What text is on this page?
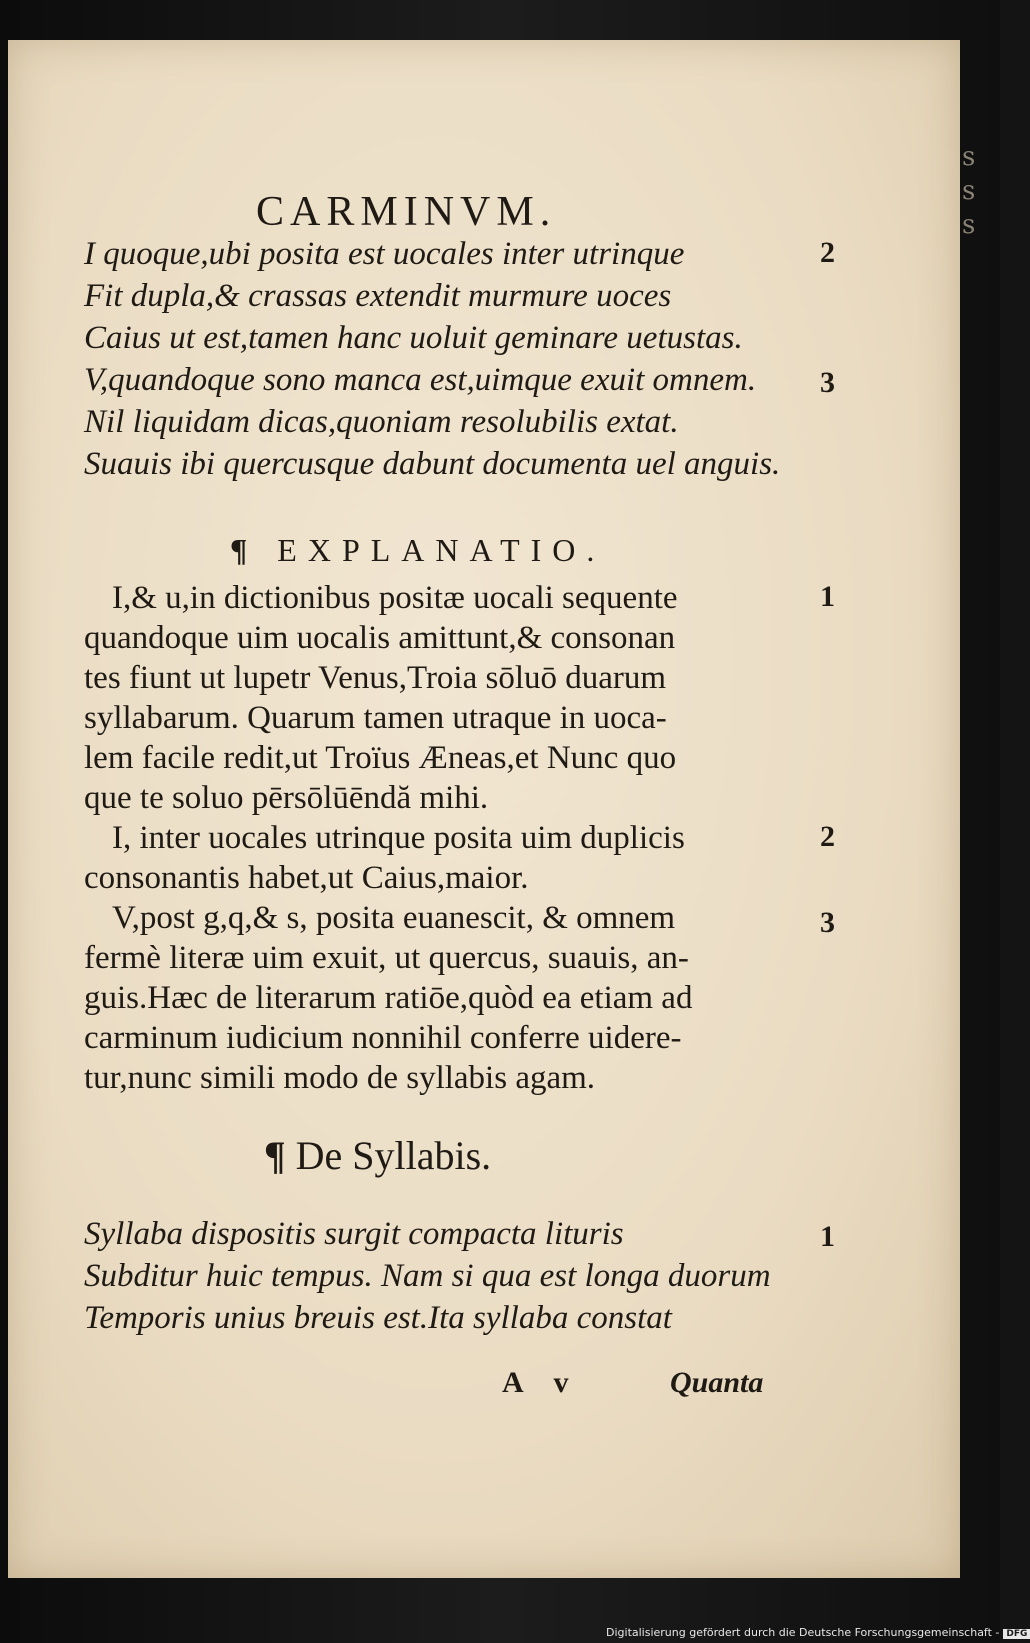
s
s
s
CARMINVM.
I quoque,ubi posita est uocales inter utrinque
Fit dupla,& crassas extendit murmure uoces
Caius ut est,tamen hanc uoluit geminare uetustas.
V,quandoque sono manca est,uimque exuit omnem.
Nil liquidam dicas,quoniam resolubilis extat.
Suauis ibi quercusque dabunt documenta uel anguis.
2
3
¶ EXPLANATIO.
I,& u,in dictionibus positæ uocali sequente
quandoque uim uocalis amittunt,& consonan
tes fiunt ut lupetr Venus,Troia sōluō duarum
syllabarum. Quarum tamen utraque in uoca-
lem facile redit,ut Troïus Æneas,et Nunc quo
que te soluo pērsōlūēndă mihi.
I, inter uocales utrinque posita uim duplicis
consonantis habet,ut Caius,maior.
V,post g,q,& s, posita euanescit, & omnem
fermè literæ uim exuit, ut quercus, suauis, an-
guis.Hæc de literarum ratiōe,quòd ea etiam ad
carminum iudicium nonnihil conferre uidere-
tur,nunc simili modo de syllabis agam.
1
2
3
¶ De Syllabis.
Syllaba dispositis surgit compacta lituris
Subditur huic tempus. Nam si qua est longa duorum
Temporis unius breuis est.Ita syllaba constat
1
A v	Quanta
Digitalisierung gefördert durch die Deutsche Forschungsgemeinschaft - DFG
